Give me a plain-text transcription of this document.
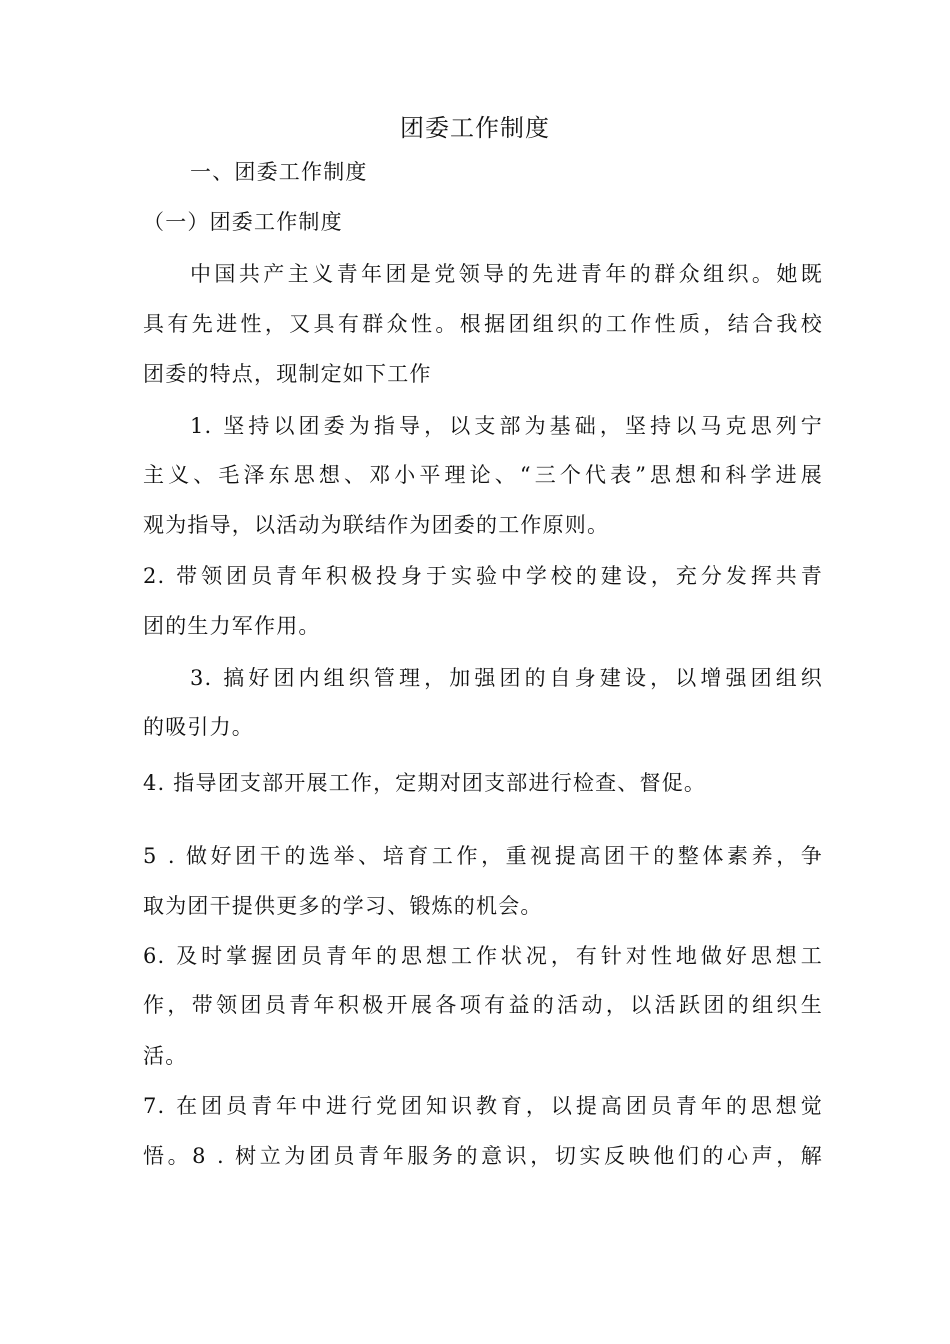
团委工作制度
一、团委工作制度
（一）团委工作制度
中国共产主义青年团是党领导的先进青年的群众组织。她既
具有先进性，又具有群众性。根据团组织的工作性质，结合我校
团委的特点，现制定如下工作
1. 坚持以团委为指导，以支部为基础，坚持以马克思列宁
主义、毛泽东思想、邓小平理论、“三个代表”思想和科学进展
观为指导，以活动为联结作为团委的工作原则。
2. 带领团员青年积极投身于实验中学校的建设，充分发挥共青
团的生力军作用。
3. 搞好团内组织管理，加强团的自身建设，以增强团组织
的吸引力。
4. 指导团支部开展工作，定期对团支部进行检查、督促。
5 . 做好团干的选举、培育工作，重视提高团干的整体素养，争
取为团干提供更多的学习、锻炼的机会。
6. 及时掌握团员青年的思想工作状况，有针对性地做好思想工
作，带领团员青年积极开展各项有益的活动，以活跃团的组织生
活。
7. 在团员青年中进行党团知识教育，以提高团员青年的思想觉
悟。8 . 树立为团员青年服务的意识，切实反映他们的心声，解
